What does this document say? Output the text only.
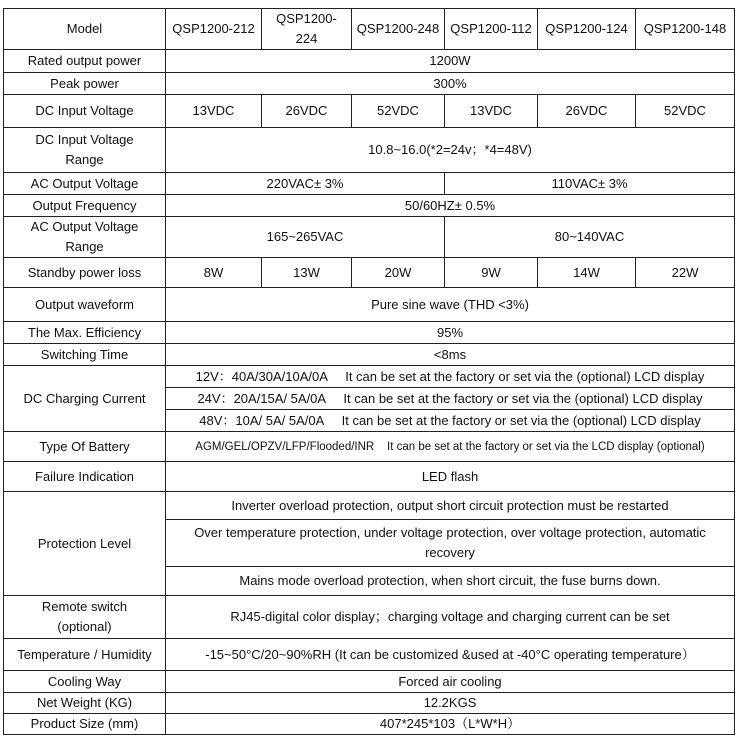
Model	QSP1200-212	QSP1200-224	QSP1200-248	QSP1200-112	QSP1200-124	QSP1200-148
Rated output power	1200W					
Peak power	300%					
DC Input Voltage	13VDC	26VDC	52VDC	13VDC	26VDC	52VDC

DC Input Voltage
Range	10.8~16.0(*2=24v；*4=48V)					
AC Output Voltage	220VAC± 3%			110VAC± 3%		
Output Frequency	50/60HZ± 0.5%					

AC Output Voltage
Range	165~265VAC			80~140VAC		
Standby power loss	8W	13W	20W	9W	14W	22W
Output waveform	Pure sine wave (THD <3%)					
The Max. Efficiency	95%					
Switching Time	<8ms					
DC Charging Current	12V：40A/30A/10A/0A     It can be set at the factory or set via the (optional) LCD display					
	24V：20A/15A/ 5A/0A     It can be set at the factory or set via the (optional) LCD display					
	48V：10A/ 5A/ 5A/0A     It can be set at the factory or set via the (optional) LCD display					
Type Of Battery	AGM/GEL/OPZV/LFP/Flooded/INR    It can be set at the factory or set via the LCD display (optional)					
Failure Indication	LED flash					
Protection Level	Inverter overload protection, output short circuit protection must be restarted					
	Over temperature protection, under voltage protection, over voltage protection, automatic recovery					
	Mains mode overload protection, when short circuit, the fuse burns down.					

Remote switch
(optional)	RJ45-digital color display；charging voltage and charging current can be set					
Temperature / Humidity	-15~50°C/20~90%RH (It can be customized &used at -40°C operating temperature）					
Cooling Way	Forced air cooling					
Net Weight (KG)	12.2KGS					
Product Size (mm)	407*245*103（L*W*H）					
